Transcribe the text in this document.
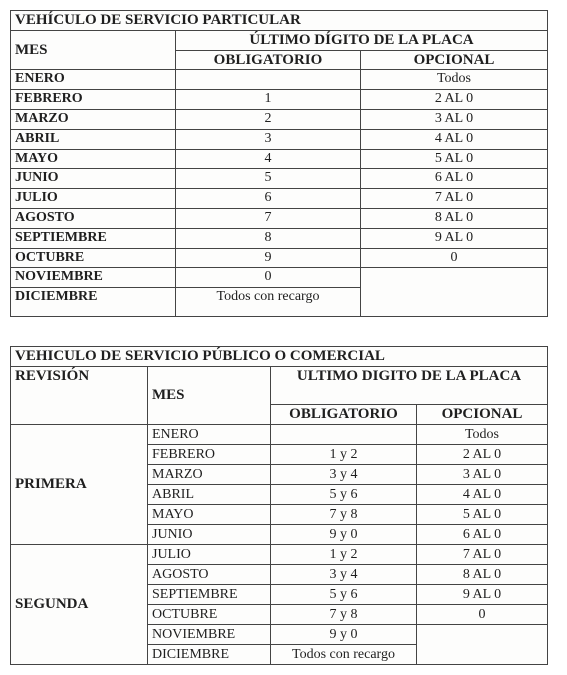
VEHÍCULO DE SERVICIO PARTICULAR		
MES	ÚLTIMO DÍGITO DE LA PLACA	
	OBLIGATORIO	OPCIONAL
ENERO		Todos
FEBRERO	1	2 AL 0
MARZO	2	3 AL 0
ABRIL	3	4 AL 0
MAYO	4	5 AL 0
JUNIO	5	6 AL 0
JULIO	6	7 AL 0
AGOSTO	7	8 AL 0
SEPTIEMBRE	8	9 AL 0
OCTUBRE	9	0
NOVIEMBRE	0	
DICIEMBRE	Todos con recargo	
VEHICULO DE SERVICIO PÚBLICO O COMERCIAL			
REVISIÓN	MES	ULTIMO DIGITO DE LA PLACA	
		OBLIGATORIO	OPCIONAL
PRIMERA	ENERO		Todos
	FEBRERO	1 y 2	2 AL 0
	MARZO	3 y 4	3 AL 0
	ABRIL	5 y 6	4 AL 0
	MAYO	7 y 8	5 AL 0
	JUNIO	9 y 0	6 AL 0
SEGUNDA	JULIO	1 y 2	7 AL 0
	AGOSTO	3 y 4	8 AL 0
	SEPTIEMBRE	5 y 6	9 AL 0
	OCTUBRE	7 y 8	0
	NOVIEMBRE	9 y 0	
	DICIEMBRE	Todos con recargo	
